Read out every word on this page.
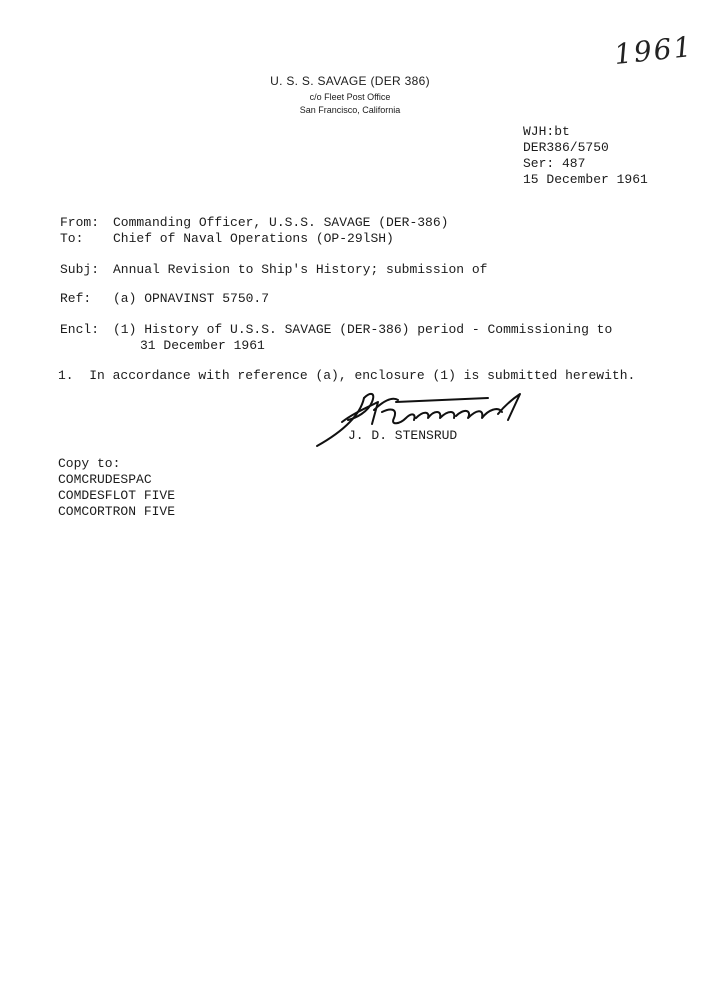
1961
U. S. S. SAVAGE (DER 386)
c/o Fleet Post Office
San Francisco, California
WJH:bt
DER386/5750
Ser: 487
15 December 1961
From: Commanding Officer, U.S.S. SAVAGE (DER-386)
To: Chief of Naval Operations (OP-29lSH)
Subj: Annual Revision to Ship's History; submission of
Ref: (a) OPNAVINST 5750.7
Encl: (1) History of U.S.S. SAVAGE (DER-386) period - Commissioning to
31 December 1961
1.  In accordance with reference (a), enclosure (1) is submitted herewith.
J. D. STENSRUD
Copy to:
COMCRUDESPAC
COMDESFLOT FIVE
COMCORTRON FIVE
